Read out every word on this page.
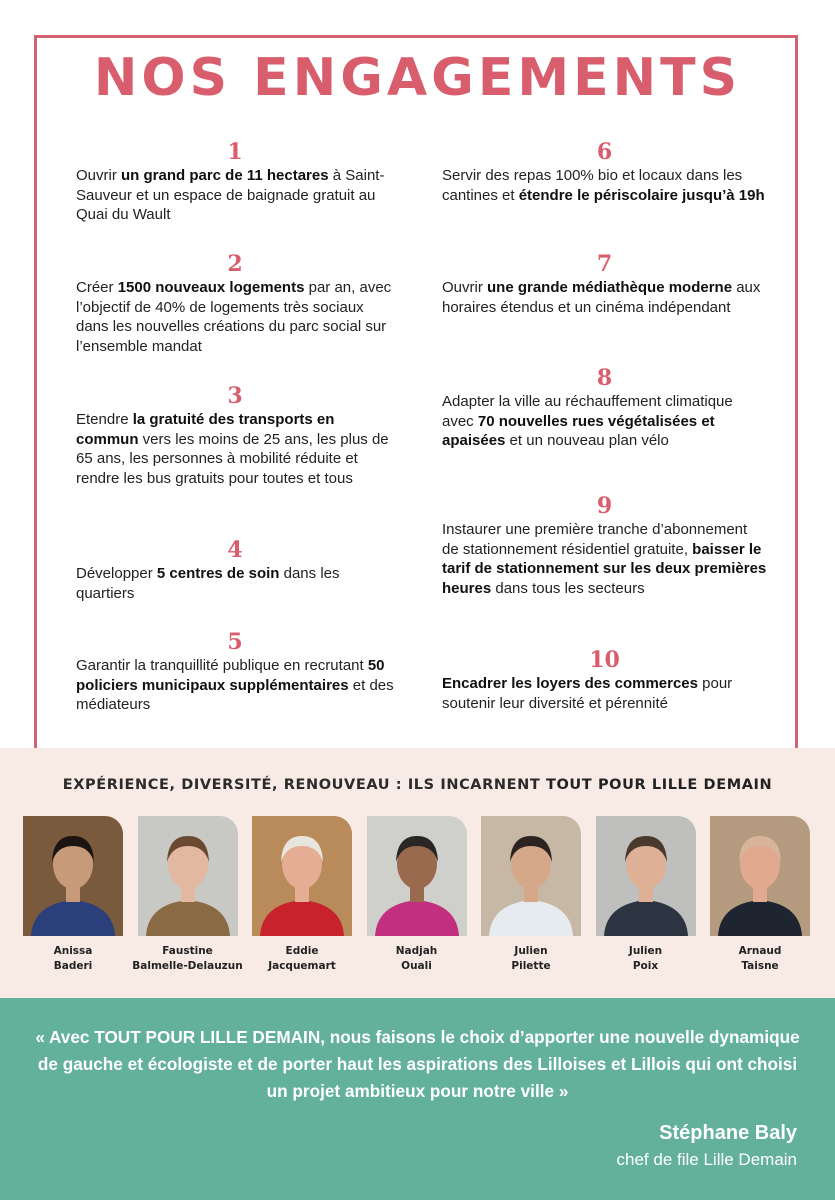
NOS ENGAGEMENTS
1
Ouvrir un grand parc de 11 hectares à Saint-Sauveur et un espace de baignade gratuit au Quai du Wault
2
Créer 1500 nouveaux logements par an, avec l’objectif de 40% de logements très sociaux dans les nouvelles créations du parc social sur l’ensemble mandat
3
Etendre la gratuité des transports en commun vers les moins de 25 ans, les plus de 65 ans, les personnes à mobilité réduite et rendre les bus gratuits pour toutes et tous
4
Développer 5 centres de soin dans les quartiers
5
Garantir la tranquillité publique en recrutant 50 policiers municipaux supplémentaires et des médiateurs
6
Servir des repas 100% bio et locaux dans les cantines et étendre le périscolaire jusqu’à 19h
7
Ouvrir une grande médiathèque moderne aux horaires étendus et un cinéma indépendant
8
Adapter la ville au réchauffement climatique avec 70 nouvelles rues végétalisées et apaisées et un nouveau plan vélo
9
Instaurer une première tranche d’abonnement de stationnement résidentiel gratuite, baisser le tarif de stationnement sur les deux premières heures dans tous les secteurs
10
Encadrer les loyers des commerces pour soutenir leur diversité et pérennité
EXPÉRIENCE, DIVERSITÉ, RENOUVEAU : ILS INCARNENT TOUT POUR LILLE DEMAIN
Anissa
Baderi
Faustine
Balmelle-Delauzun
Eddie
Jacquemart
Nadjah
Ouali
Julien
Pilette
Julien
Poix
Arnaud
Taisne

« Avec TOUT POUR LILLE DEMAIN, nous faisons le choix d’apporter une nouvelle dynamique de gauche et écologiste et de porter haut les aspirations des Lilloises et Lillois qui ont choisi un projet ambitieux pour notre ville »

Stéphane Baly
chef de file Lille Demain
